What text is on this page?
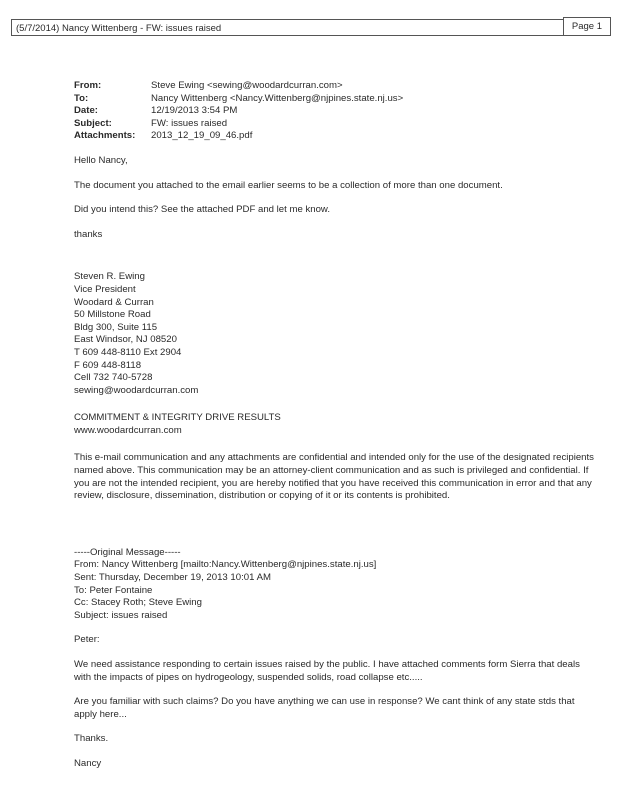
(5/7/2014) Nancy Wittenberg - FW: issues raised	Page 1
From:	Steve Ewing <sewing@woodardcurran.com>
To:	Nancy Wittenberg <Nancy.Wittenberg@njpines.state.nj.us>
Date:	12/19/2013 3:54 PM
Subject:	FW: issues raised
Attachments:	2013_12_19_09_46.pdf

Hello Nancy,

The document you attached to the email earlier seems to be a collection of more than one document.

Did you intend this? See the attached PDF and let me know.

thanks

Steven R. Ewing
Vice President
Woodard & Curran
50 Millstone Road
Bldg 300, Suite 115
East Windsor, NJ 08520
T 609 448-8110 Ext 2904
F 609 448-8118
Cell 732 740-5728
sewing@woodardcurran.com
COMMITMENT & INTEGRITY DRIVE RESULTS
www.woodardcurran.com

This e-mail communication and any attachments are confidential and intended only for the use of the designated recipients named above. This communication may be an attorney-client communication and as such is privileged and confidential. If you are not the intended recipient, you are hereby notified that you have received this communication in error and that any review, disclosure, dissemination, distribution or copying of it or its contents is prohibited.

-----Original Message-----
From: Nancy Wittenberg [mailto:Nancy.Wittenberg@njpines.state.nj.us]
Sent: Thursday, December 19, 2013 10:01 AM
To: Peter Fontaine
Cc: Stacey Roth; Steve Ewing
Subject: issues raised

Peter:

We need assistance responding to certain issues raised by the public. I have attached comments form Sierra that deals with the impacts of pipes on hydrogeology, suspended solids, road collapse etc.....

Are you familiar with such claims? Do you have anything we can use in response? We cant think of any state stds that apply here...

Thanks.

Nancy
